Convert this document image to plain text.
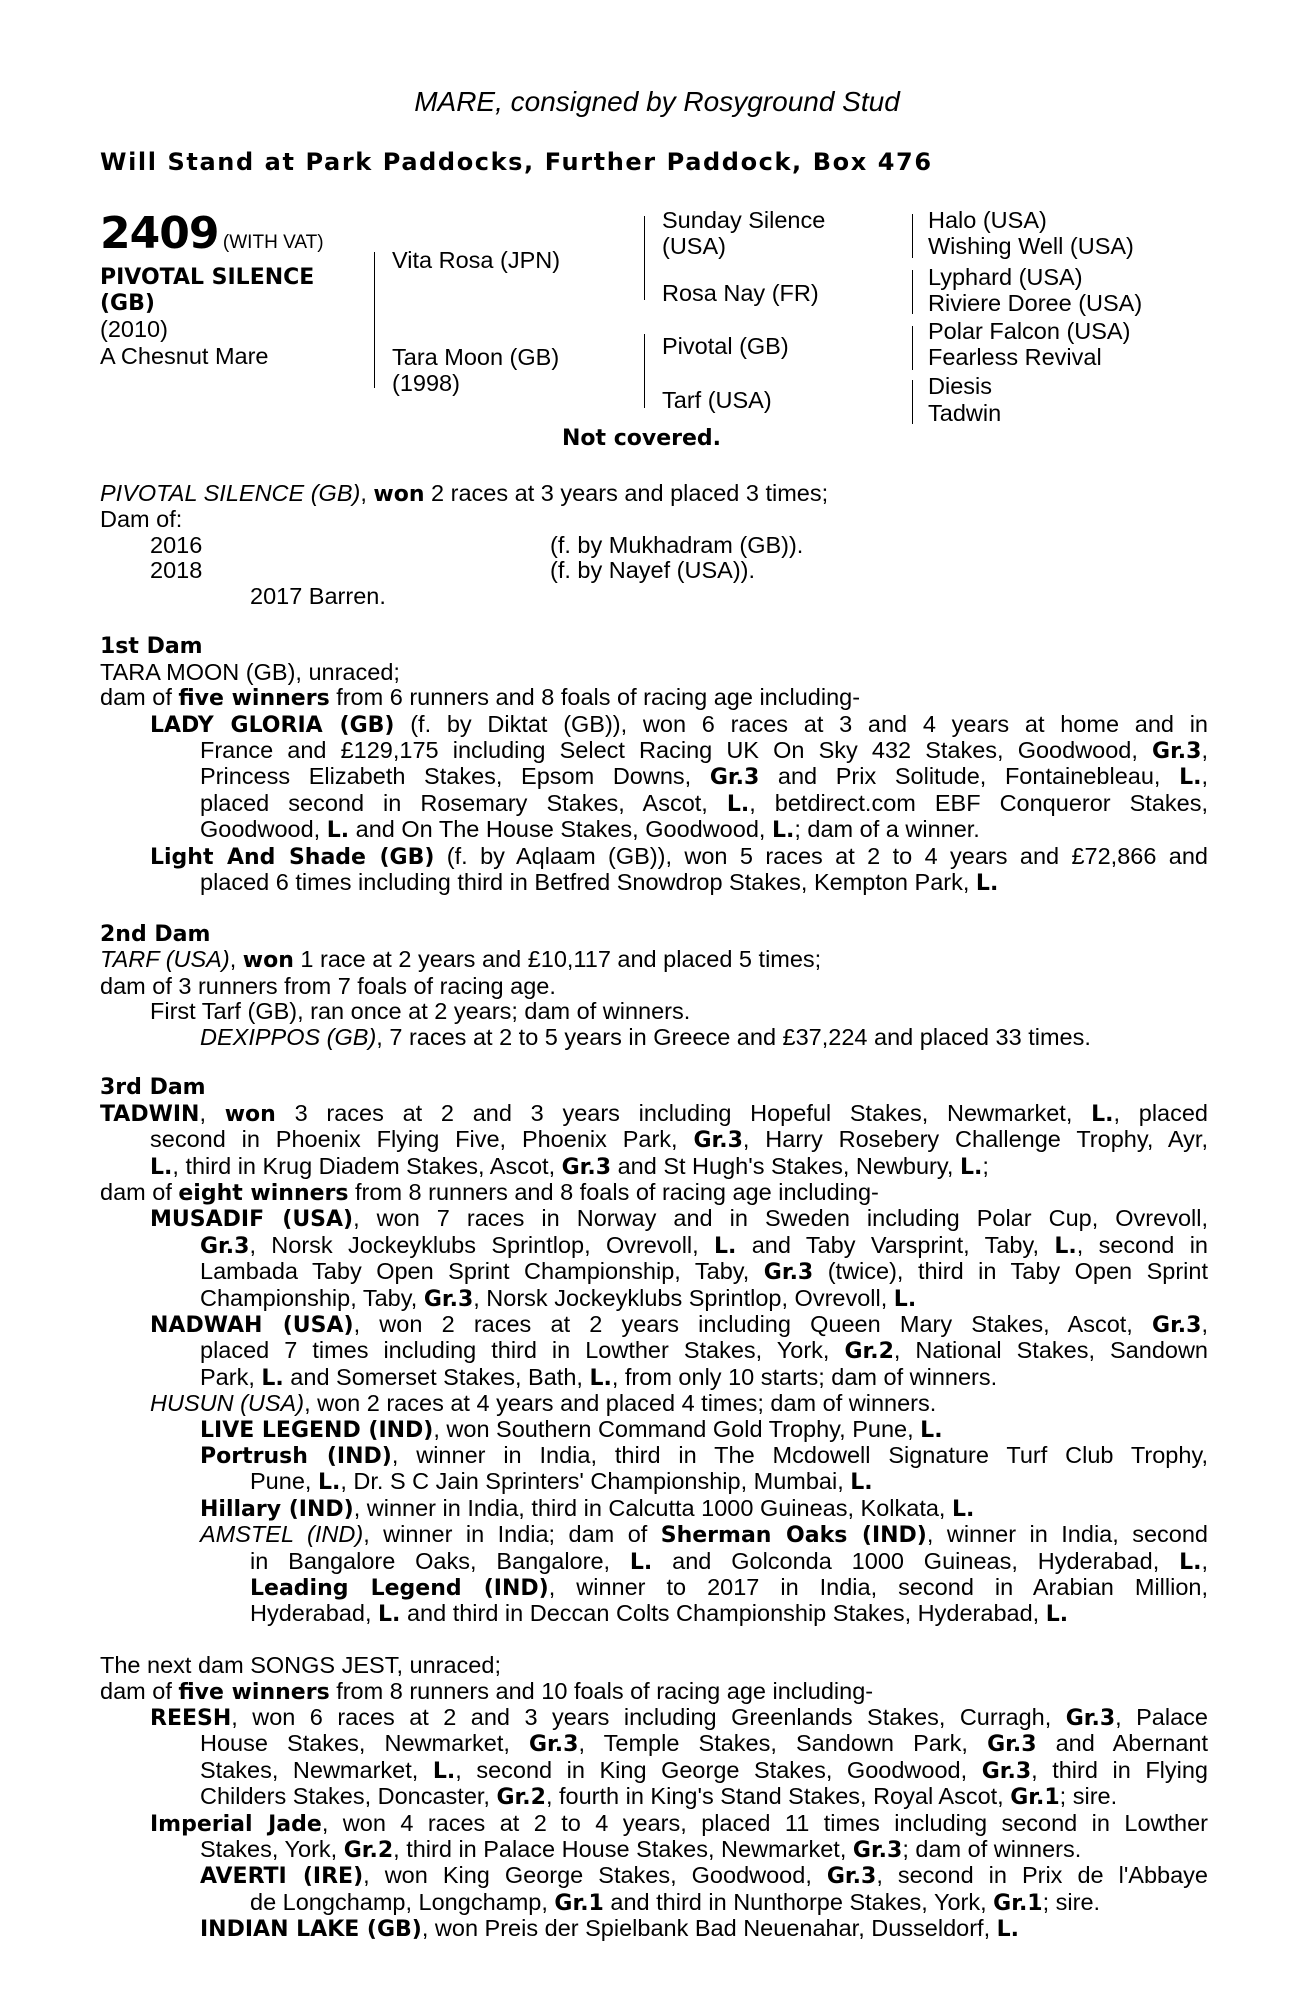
MARE, consigned by Rosyground Stud
Will Stand at Park Paddocks, Further Paddock, Box 476
2409 (WITH VAT)
PIVOTAL SILENCE
(GB)
(2010)
A Chesnut Mare
Vita Rosa (JPN)
Tara Moon (GB)
(1998)
Sunday Silence
(USA)
Rosa Nay (FR)
Pivotal (GB)
Tarf (USA)
Halo (USA)
Wishing Well (USA)
Lyphard (USA)
Riviere Doree (USA)
Polar Falcon (USA)
Fearless Revival
Diesis
Tadwin
Not covered.
PIVOTAL SILENCE (GB), won 2 races at 3 years and placed 3 times;
Dam of:
2016	(f. by Mukhadram (GB)).
2018	(f. by Nayef (USA)).
2017 Barren.
1st Dam
TARA MOON (GB), unraced;
dam of five winners from 6 runners and 8 foals of racing age including-
LADY GLORIA (GB) (f. by Diktat (GB)), won 6 races at 3 and 4 years at home and in
France and £129,175 including Select Racing UK On Sky 432 Stakes, Goodwood, Gr.3,
Princess Elizabeth Stakes, Epsom Downs, Gr.3 and Prix Solitude, Fontainebleau, L.,
placed second in Rosemary Stakes, Ascot, L., betdirect.com EBF Conqueror Stakes,
Goodwood, L. and On The House Stakes, Goodwood, L.; dam of a winner.
Light And Shade (GB) (f. by Aqlaam (GB)), won 5 races at 2 to 4 years and £72,866 and
placed 6 times including third in Betfred Snowdrop Stakes, Kempton Park, L.
2nd Dam
TARF (USA), won 1 race at 2 years and £10,117 and placed 5 times;
dam of 3 runners from 7 foals of racing age.
First Tarf (GB), ran once at 2 years; dam of winners.
DEXIPPOS (GB), 7 races at 2 to 5 years in Greece and £37,224 and placed 33 times.
3rd Dam
TADWIN, won 3 races at 2 and 3 years including Hopeful Stakes, Newmarket, L., placed
second in Phoenix Flying Five, Phoenix Park, Gr.3, Harry Rosebery Challenge Trophy, Ayr,
L., third in Krug Diadem Stakes, Ascot, Gr.3 and St Hugh's Stakes, Newbury, L.;
dam of eight winners from 8 runners and 8 foals of racing age including-
MUSADIF (USA), won 7 races in Norway and in Sweden including Polar Cup, Ovrevoll,
Gr.3, Norsk Jockeyklubs Sprintlop, Ovrevoll, L. and Taby Varsprint, Taby, L., second in
Lambada Taby Open Sprint Championship, Taby, Gr.3 (twice), third in Taby Open Sprint
Championship, Taby, Gr.3, Norsk Jockeyklubs Sprintlop, Ovrevoll, L.
NADWAH (USA), won 2 races at 2 years including Queen Mary Stakes, Ascot, Gr.3,
placed 7 times including third in Lowther Stakes, York, Gr.2, National Stakes, Sandown
Park, L. and Somerset Stakes, Bath, L., from only 10 starts; dam of winners.
HUSUN (USA), won 2 races at 4 years and placed 4 times; dam of winners.
LIVE LEGEND (IND), won Southern Command Gold Trophy, Pune, L.
Portrush (IND), winner in India, third in The Mcdowell Signature Turf Club Trophy,
Pune, L., Dr. S C Jain Sprinters' Championship, Mumbai, L.
Hillary (IND), winner in India, third in Calcutta 1000 Guineas, Kolkata, L.
AMSTEL (IND), winner in India; dam of Sherman Oaks (IND), winner in India, second
in Bangalore Oaks, Bangalore, L. and Golconda 1000 Guineas, Hyderabad, L.,
Leading Legend (IND), winner to 2017 in India, second in Arabian Million,
Hyderabad, L. and third in Deccan Colts Championship Stakes, Hyderabad, L.
The next dam SONGS JEST, unraced;
dam of five winners from 8 runners and 10 foals of racing age including-
REESH, won 6 races at 2 and 3 years including Greenlands Stakes, Curragh, Gr.3, Palace
House Stakes, Newmarket, Gr.3, Temple Stakes, Sandown Park, Gr.3 and Abernant
Stakes, Newmarket, L., second in King George Stakes, Goodwood, Gr.3, third in Flying
Childers Stakes, Doncaster, Gr.2, fourth in King's Stand Stakes, Royal Ascot, Gr.1; sire.
Imperial Jade, won 4 races at 2 to 4 years, placed 11 times including second in Lowther
Stakes, York, Gr.2, third in Palace House Stakes, Newmarket, Gr.3; dam of winners.
AVERTI (IRE), won King George Stakes, Goodwood, Gr.3, second in Prix de l'Abbaye
de Longchamp, Longchamp, Gr.1 and third in Nunthorpe Stakes, York, Gr.1; sire.
INDIAN LAKE (GB), won Preis der Spielbank Bad Neuenahar, Dusseldorf, L.
